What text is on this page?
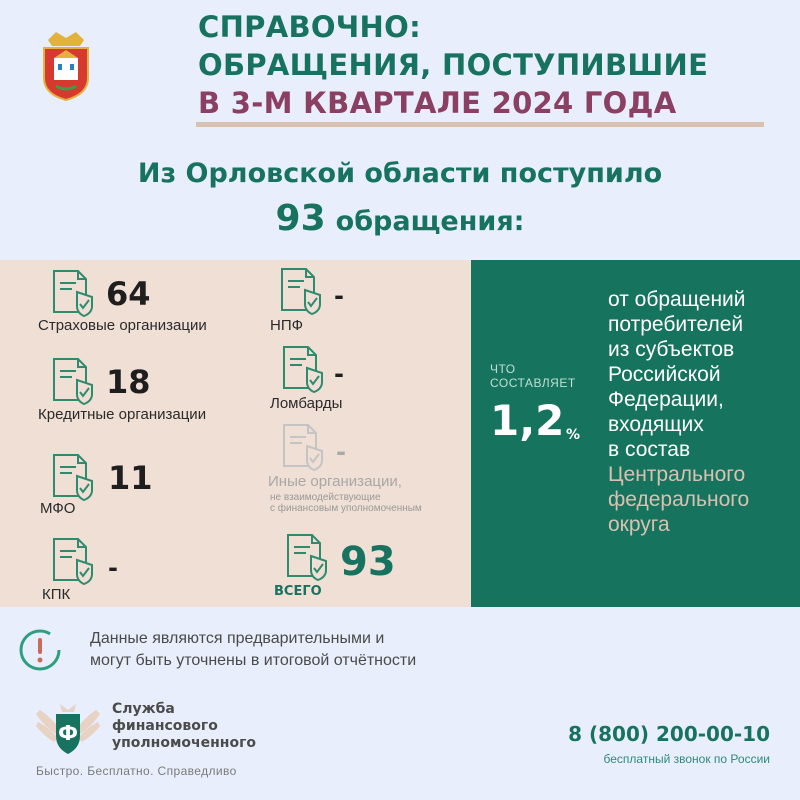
СПРАВОЧНО:
ОБРАЩЕНИЯ, ПОСТУПИВШИЕ
В 3-М КВАРТАЛЕ 2024 ГОДА
Из Орловской области поступило
93 обращения:
64
Страховые организации
18
Кредитные организации
11
МФО
-
КПК
-
НПФ
-
Ломбарды
-
Иные организации,
не взаимодействующие
с финансовым уполномоченным
93
ВСЕГО
ЧТО
СОСТАВЛЯЕТ
1,2 %
от обращений
потребителей
из субъектов
Российской
Федерации,
входящих
в состав
Центрального
федерального
округа
Данные являются предварительными и
могут быть уточнены в итоговой отчётности
Ф
Служба
финансового
уполномоченного
Быстро. Бесплатно. Справедливо
8 (800) 200-00-10
бесплатный звонок по России
